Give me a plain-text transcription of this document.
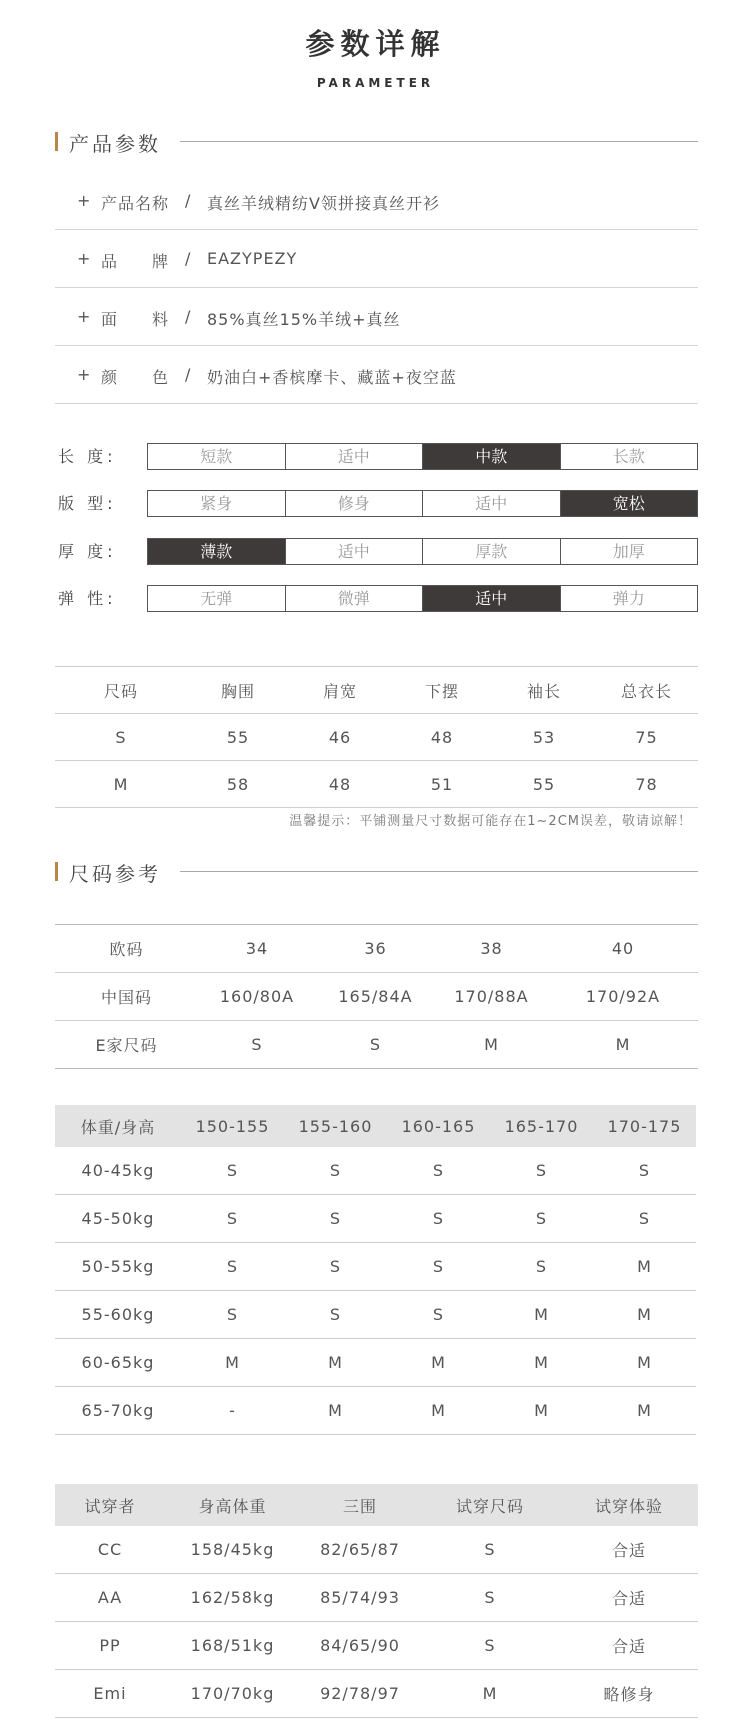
参数详解
PARAMETER
产品参数
+ 产品名称 / 真丝羊绒精纺V领拼接真丝开衫
+ 品　　牌 / EAZYPEZY
+ 面　　料 / 85%真丝15%羊绒+真丝
+ 颜　　色 / 奶油白+香槟摩卡、藏蓝+夜空蓝
长 度:	短款	适中	中款	长款
版 型:	紧身	修身	适中	宽松
厚 度:	薄款	适中	厚款	加厚
弹 性:	无弹	微弹	适中	弹力
尺码	胸围	肩宽	下摆	袖长	总衣长
S	55	46	48	53	75
M	58	48	51	55	78
温馨提示：平铺测量尺寸数据可能存在1~2CM误差，敬请谅解！
尺码参考
欧码	34	36	38	40
中国码	160/80A	165/84A	170/88A	170/92A
E家尺码	S	S	M	M
体重/身高	150-155	155-160	160-165	165-170	170-175
40-45kg	S	S	S	S	S
45-50kg	S	S	S	S	S
50-55kg	S	S	S	S	M
55-60kg	S	S	S	M	M
60-65kg	M	M	M	M	M
65-70kg	-	M	M	M	M
试穿者	身高体重	三围	试穿尺码	试穿体验
CC	158/45kg	82/65/87	S	合适
AA	162/58kg	85/74/93	S	合适
PP	168/51kg	84/65/90	S	合适
Emi	170/70kg	92/78/97	M	略修身
